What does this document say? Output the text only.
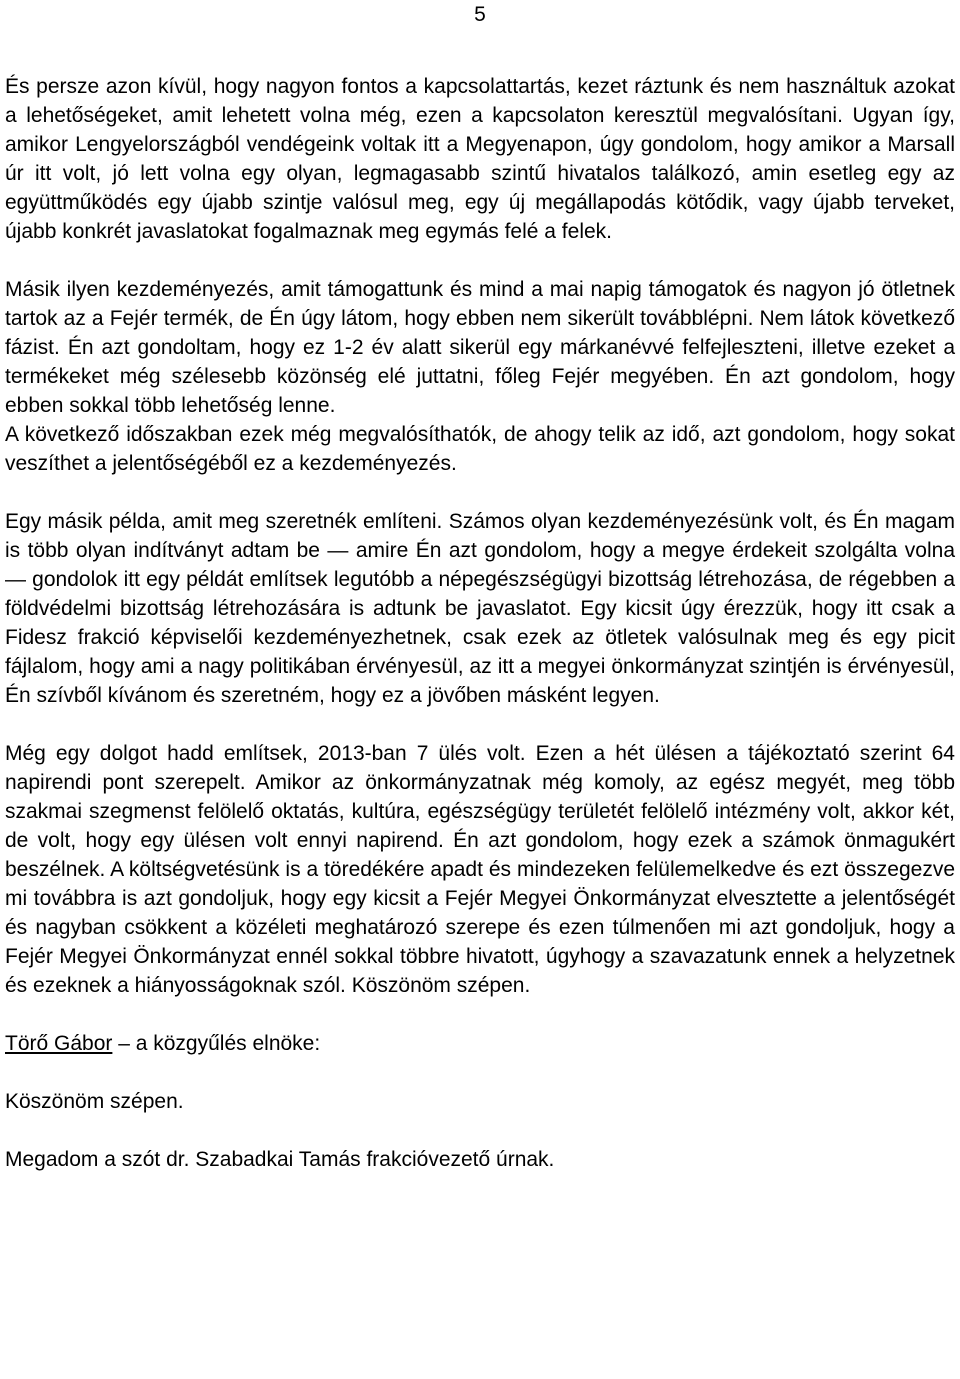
5

És persze azon kívül, hogy nagyon fontos a kapcsolattartás, kezet ráztunk és nem használtuk azokat a lehetőségeket, amit lehetett volna még, ezen a kapcsolaton keresztül megvalósítani. Ugyan így, amikor Lengyelországból vendégeink voltak itt a Megyenapon, úgy gondolom, hogy amikor a Marsall úr itt volt, jó lett volna egy olyan, legmagasabb szintű hivatalos találkozó, amin esetleg egy az együttműködés egy újabb szintje valósul meg, egy új megállapodás kötődik, vagy újabb terveket, újabb konkrét javaslatokat fogalmaznak meg egymás felé a felek.

Másik ilyen kezdeményezés, amit támogattunk és mind a mai napig támogatok és nagyon jó ötletnek tartok az a Fejér termék, de Én úgy látom, hogy ebben nem sikerült továbblépni. Nem látok következő fázist. Én azt gondoltam, hogy ez 1-2 év alatt sikerül egy márkanévvé felfejleszteni, illetve ezeket a termékeket még szélesebb közönség elé juttatni, főleg Fejér megyében. Én azt gondolom, hogy ebben sokkal több lehetőség lenne.

A következő időszakban ezek még megvalósíthatók, de ahogy telik az idő, azt gondolom, hogy sokat veszíthet a jelentőségéből ez a kezdeményezés.

Egy másik példa, amit meg szeretnék említeni. Számos olyan kezdeményezésünk volt, és Én magam is több olyan indítványt adtam be — amire Én azt gondolom, hogy a megye érdekeit szolgálta volna — gondolok itt egy példát említsek legutóbb a népegészségügyi bizottság létrehozása, de régebben a földvédelmi bizottság létrehozására is adtunk be javaslatot. Egy kicsit úgy érezzük, hogy itt csak a Fidesz frakció képviselői kezdeményezhetnek, csak ezek az ötletek valósulnak meg és egy picit fájlalom, hogy ami a nagy politikában érvényesül, az itt a megyei önkormányzat szintjén is érvényesül, Én szívből kívánom és szeretném, hogy ez a jövőben másként legyen.

Még egy dolgot hadd említsek, 2013-ban 7 ülés volt. Ezen a hét ülésen a tájékoztató szerint 64 napirendi pont szerepelt. Amikor az önkormányzatnak még komoly, az egész megyét, meg több szakmai szegmenst felölelő oktatás, kultúra, egészségügy területét felölelő intézmény volt, akkor két, de volt, hogy egy ülésen volt ennyi napirend. Én azt gondolom, hogy ezek a számok önmagukért beszélnek. A költségvetésünk is a töredékére apadt és mindezeken felülemelkedve és ezt összegezve mi továbbra is azt gondoljuk, hogy egy kicsit a Fejér Megyei Önkormányzat elvesztette a jelentőségét és nagyban csökkent a közéleti meghatározó szerepe és ezen túlmenően mi azt gondoljuk, hogy a Fejér Megyei Önkormányzat ennél sokkal többre hivatott, úgyhogy a szavazatunk ennek a helyzetnek és ezeknek a hiányosságoknak szól. Köszönöm szépen.

Törő Gábor – a közgyűlés elnöke:

Köszönöm szépen.

Megadom a szót dr. Szabadkai Tamás frakcióvezető úrnak.
